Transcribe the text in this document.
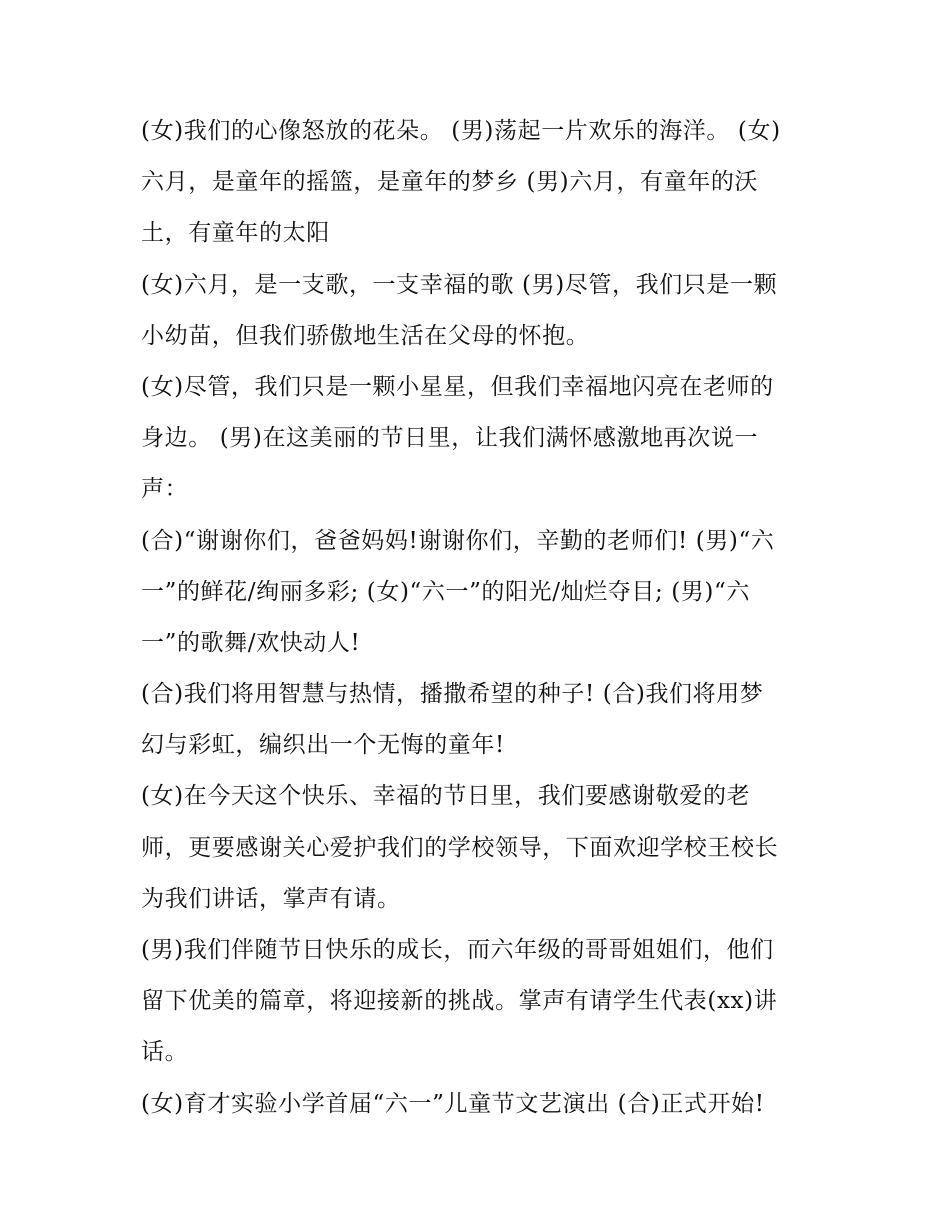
(女)我们的心像怒放的花朵。 (男)荡起一片欢乐的海洋。 (女)
六月，是童年的摇篮，是童年的梦乡 (男)六月，有童年的沃
土，有童年的太阳

(女)六月，是一支歌，一支幸福的歌 (男)尽管，我们只是一颗
小幼苗，但我们骄傲地生活在父母的怀抱。

(女)尽管，我们只是一颗小星星，但我们幸福地闪亮在老师的
身边。 (男)在这美丽的节日里，让我们满怀感激地再次说一
声：

(合)“谢谢你们，爸爸妈妈!谢谢你们，辛勤的老师们! (男)“六
一”的鲜花/绚丽多彩; (女)“六一”的阳光/灿烂夺目; (男)“六
一”的歌舞/欢快动人!

(合)我们将用智慧与热情，播撒希望的种子! (合)我们将用梦
幻与彩虹，编织出一个无悔的童年!

(女)在今天这个快乐、幸福的节日里，我们要感谢敬爱的老
师，更要感谢关心爱护我们的学校领导，下面欢迎学校王校长
为我们讲话，掌声有请。

(男)我们伴随节日快乐的成长，而六年级的哥哥姐姐们，他们
留下优美的篇章，将迎接新的挑战。掌声有请学生代表(xx)讲
话。

(女)育才实验小学首届“六一”儿童节文艺演出 (合)正式开始!
